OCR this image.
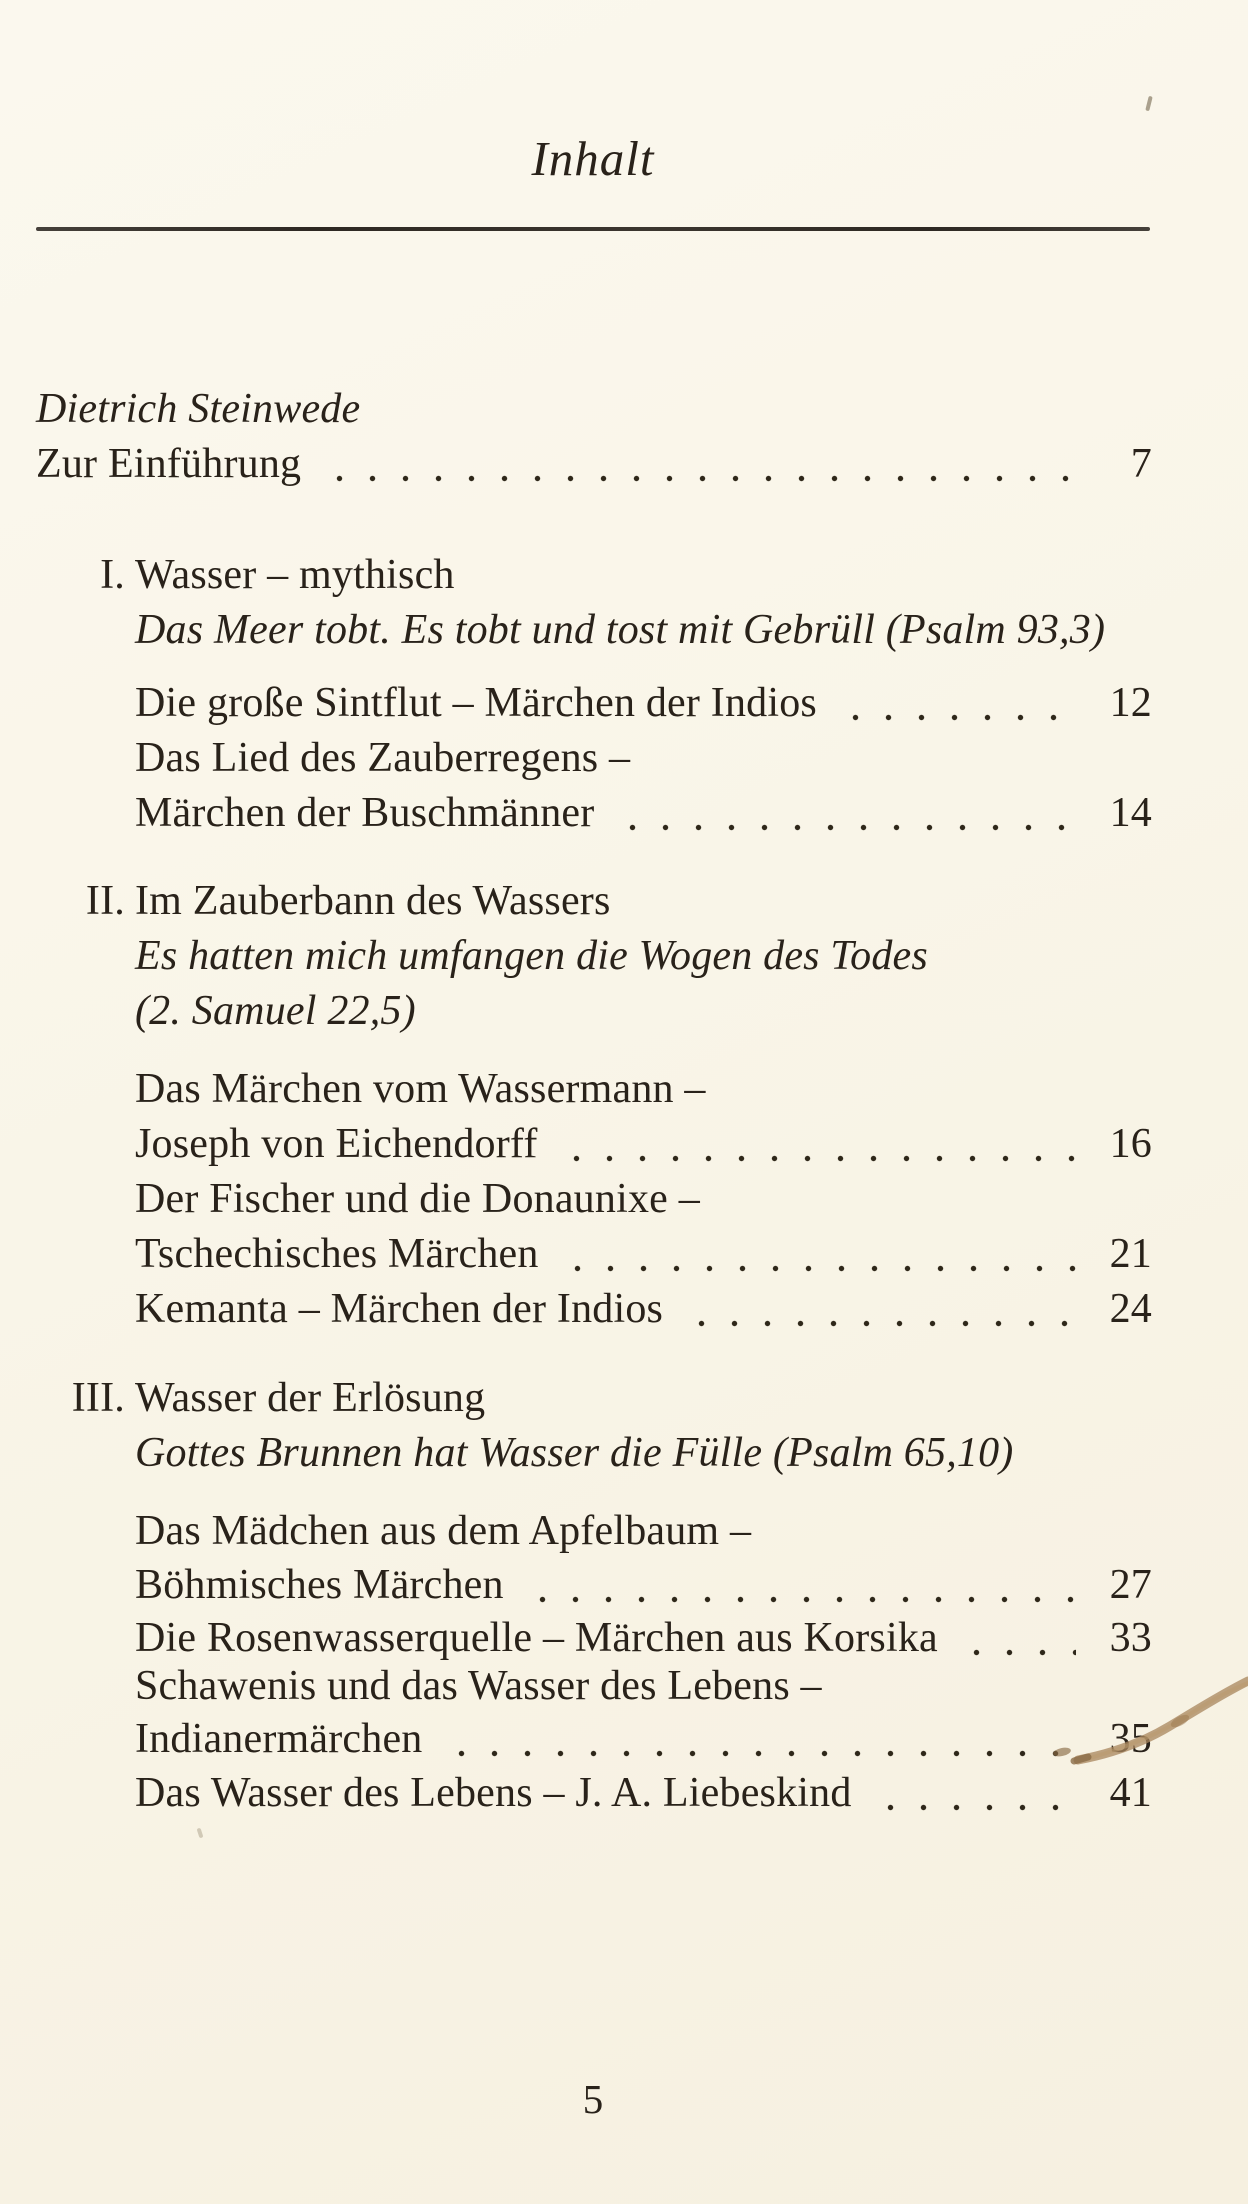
Inhalt
Dietrich Steinwede
Zur Einführung	7
I. Wasser – mythisch
Das Meer tobt. Es tobt und tost mit Gebrüll (Psalm 93,3)
Die große Sintflut – Märchen der Indios	12
Das Lied des Zauberregens –
Märchen der Buschmänner	14
II. Im Zauberbann des Wassers
Es hatten mich umfangen die Wogen des Todes
(2. Samuel 22,5)
Das Märchen vom Wassermann –
Joseph von Eichendorff	16
Der Fischer und die Donaunixe –
Tschechisches Märchen	21
Kemanta – Märchen der Indios	24
III. Wasser der Erlösung
Gottes Brunnen hat Wasser die Fülle (Psalm 65,10)
Das Mädchen aus dem Apfelbaum –
Böhmisches Märchen	27
Die Rosenwasserquelle – Märchen aus Korsika	33
Schawenis und das Wasser des Lebens –
Indianermärchen	35
Das Wasser des Lebens – J. A. Liebeskind	41
5
